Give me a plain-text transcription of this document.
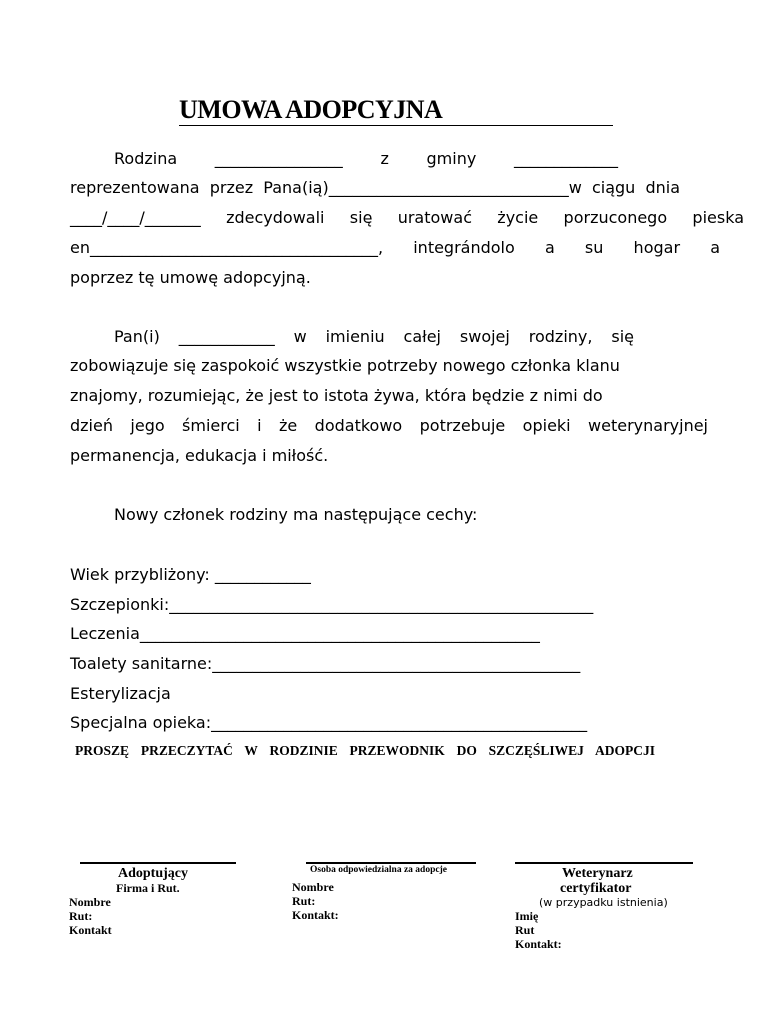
UMOWA ADOPCYJNA
Rodzina ________________ z gminy _____________
reprezentowana  przez  Pana(ią)______________________________w  ciągu  dnia
____/____/_______ zdecydowali się uratować życie porzuconego pieska
en____________________________________, integrándolo a su hogar a
poprzez tę umowę adopcyjną.
Pan(i) ____________ w imieniu całej swojej rodziny, się
zobowiązuje się zaspokoić wszystkie potrzeby nowego członka klanu
znajomy, rozumiejąc, że jest to istota żywa, która będzie z nimi do
dzień jego śmierci i że dodatkowo potrzebuje opieki weterynaryjnej
permanencja, edukacja i miłość.
Nowy członek rodziny ma następujące cechy:
Wiek przybliżony: ____________
Szczepionki:_____________________________________________________
Leczenia__________________________________________________
Toalety sanitarne:______________________________________________
Esterylizacja
Specjalna opieka:_______________________________________________
PROSZĘ PRZECZYTAĆ W RODZINIE PRZEWODNIK DO SZCZĘŚLIWEJ ADOPCJI
Adoptujący
Firma i Rut.
Nombre
Rut:
Kontakt
Osoba odpowiedzialna za adopcje
Nombre
Rut:
Kontakt:
Weterynarz
certyfikator
(w przypadku istnienia)
Imię
Rut
Kontakt:
